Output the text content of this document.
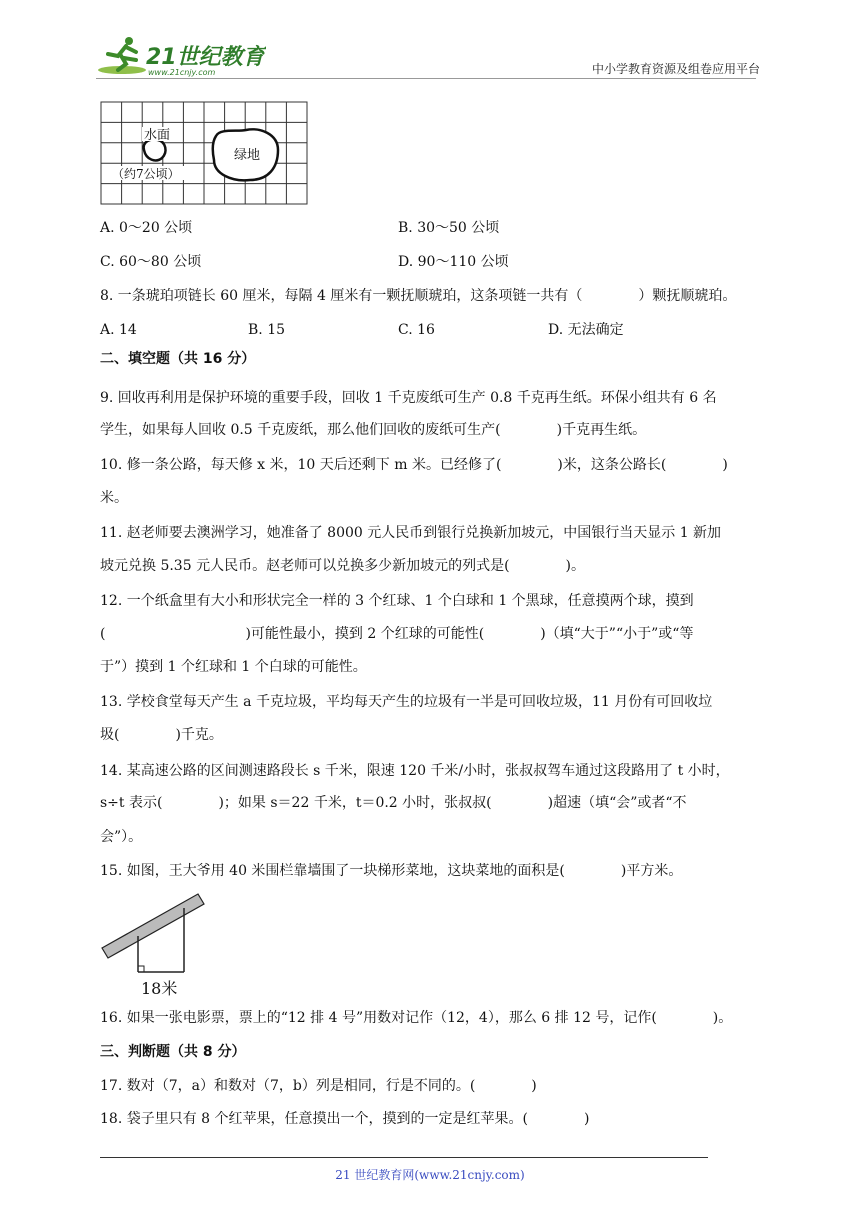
21世纪教育
www.21cnjy.com	中小学教育资源及组卷应用平台
水面
绿地
（约7公顷）
A. 0～20 公顷	B. 30～50 公顷
C. 60～80 公顷	D. 90～110 公顷
8. 一条琥珀项链长 60 厘米，每隔 4 厘米有一颗抚顺琥珀，这条项链一共有（　　　　）颗抚顺琥珀。
A. 14	B. 15	C. 16	D. 无法确定
二、填空题（共 16 分）
9. 回收再利用是保护环境的重要手段，回收 1 千克废纸可生产 0.8 千克再生纸。环保小组共有 6 名
学生，如果每人回收 0.5 千克废纸，那么他们回收的废纸可生产(　　　　)千克再生纸。
10. 修一条公路，每天修 x 米，10 天后还剩下 m 米。已经修了(　　　　)米，这条公路长(　　　　)
米。
11. 赵老师要去澳洲学习，她准备了 8000 元人民币到银行兑换新加坡元，中国银行当天显示 1 新加
坡元兑换 5.35 元人民币。赵老师可以兑换多少新加坡元的列式是(　　　　)。
12. 一个纸盒里有大小和形状完全一样的 3 个红球、1 个白球和 1 个黑球，任意摸两个球，摸到
(　　　　　　　　　　)可能性最小，摸到 2 个红球的可能性(　　　　)（填“大于”“小于”或“等
于”）摸到 1 个红球和 1 个白球的可能性。
13. 学校食堂每天产生 a 千克垃圾，平均每天产生的垃圾有一半是可回收垃圾，11 月份有可回收垃
圾(　　　　)千克。
14. 某高速公路的区间测速路段长 s 千米，限速 120 千米/小时，张叔叔驾车通过这段路用了 t 小时，
s÷t 表示(　　　　)；如果 s＝22 千米，t＝0.2 小时，张叔叔(　　　　)超速（填“会”或者“不
会”）。
15. 如图，王大爷用 40 米围栏靠墙围了一块梯形菜地，这块菜地的面积是(　　　　)平方米。
18米
16. 如果一张电影票，票上的“12 排 4 号”用数对记作（12，4），那么 6 排 12 号，记作(　　　　)。
三、判断题（共 8 分）
17. 数对（7，a）和数对（7，b）列是相同，行是不同的。(　　　　)
18. 袋子里只有 8 个红苹果，任意摸出一个，摸到的一定是红苹果。(　　　　)
21 世纪教育网(www.21cnjy.com)
